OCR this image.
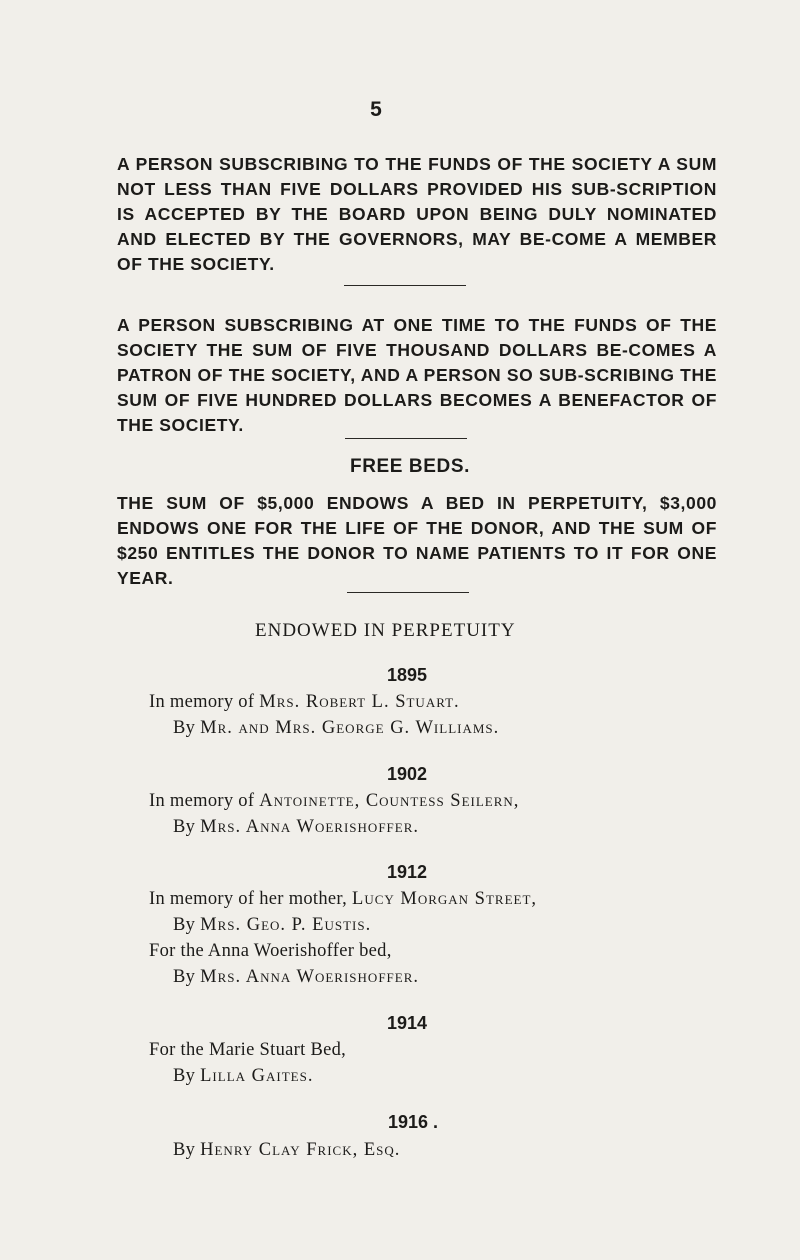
5
A PERSON SUBSCRIBING TO THE FUNDS OF THE SOCIETY A SUM NOT LESS THAN FIVE DOLLARS PROVIDED HIS SUB-SCRIPTION IS ACCEPTED BY THE BOARD UPON BEING DULY NOMINATED AND ELECTED BY THE GOVERNORS, MAY BE-COME A MEMBER OF THE SOCIETY.
A PERSON SUBSCRIBING AT ONE TIME TO THE FUNDS OF THE SOCIETY THE SUM OF FIVE THOUSAND DOLLARS BE-COMES A PATRON OF THE SOCIETY, AND A PERSON SO SUB-SCRIBING THE SUM OF FIVE HUNDRED DOLLARS BECOMES A BENEFACTOR OF THE SOCIETY.
FREE BEDS.
THE SUM OF $5,000 ENDOWS A BED IN PERPETUITY, $3,000 ENDOWS ONE FOR THE LIFE OF THE DONOR, AND THE SUM OF $250 ENTITLES THE DONOR TO NAME PATIENTS TO IT FOR ONE YEAR.
ENDOWED IN PERPETUITY
1895
In memory of Mrs. Robert L. Stuart.
By Mr. and Mrs. George G. Williams.
1902
In memory of Antoinette, Countess Seilern,
By Mrs. Anna Woerishoffer.
1912
In memory of her mother, Lucy Morgan Street,
By Mrs. Geo. P. Eustis.
For the Anna Woerishoffer bed,
By Mrs. Anna Woerishoffer.
1914
For the Marie Stuart Bed,
By Lilla Gaites.
1916 .
By Henry Clay Frick, Esq.
